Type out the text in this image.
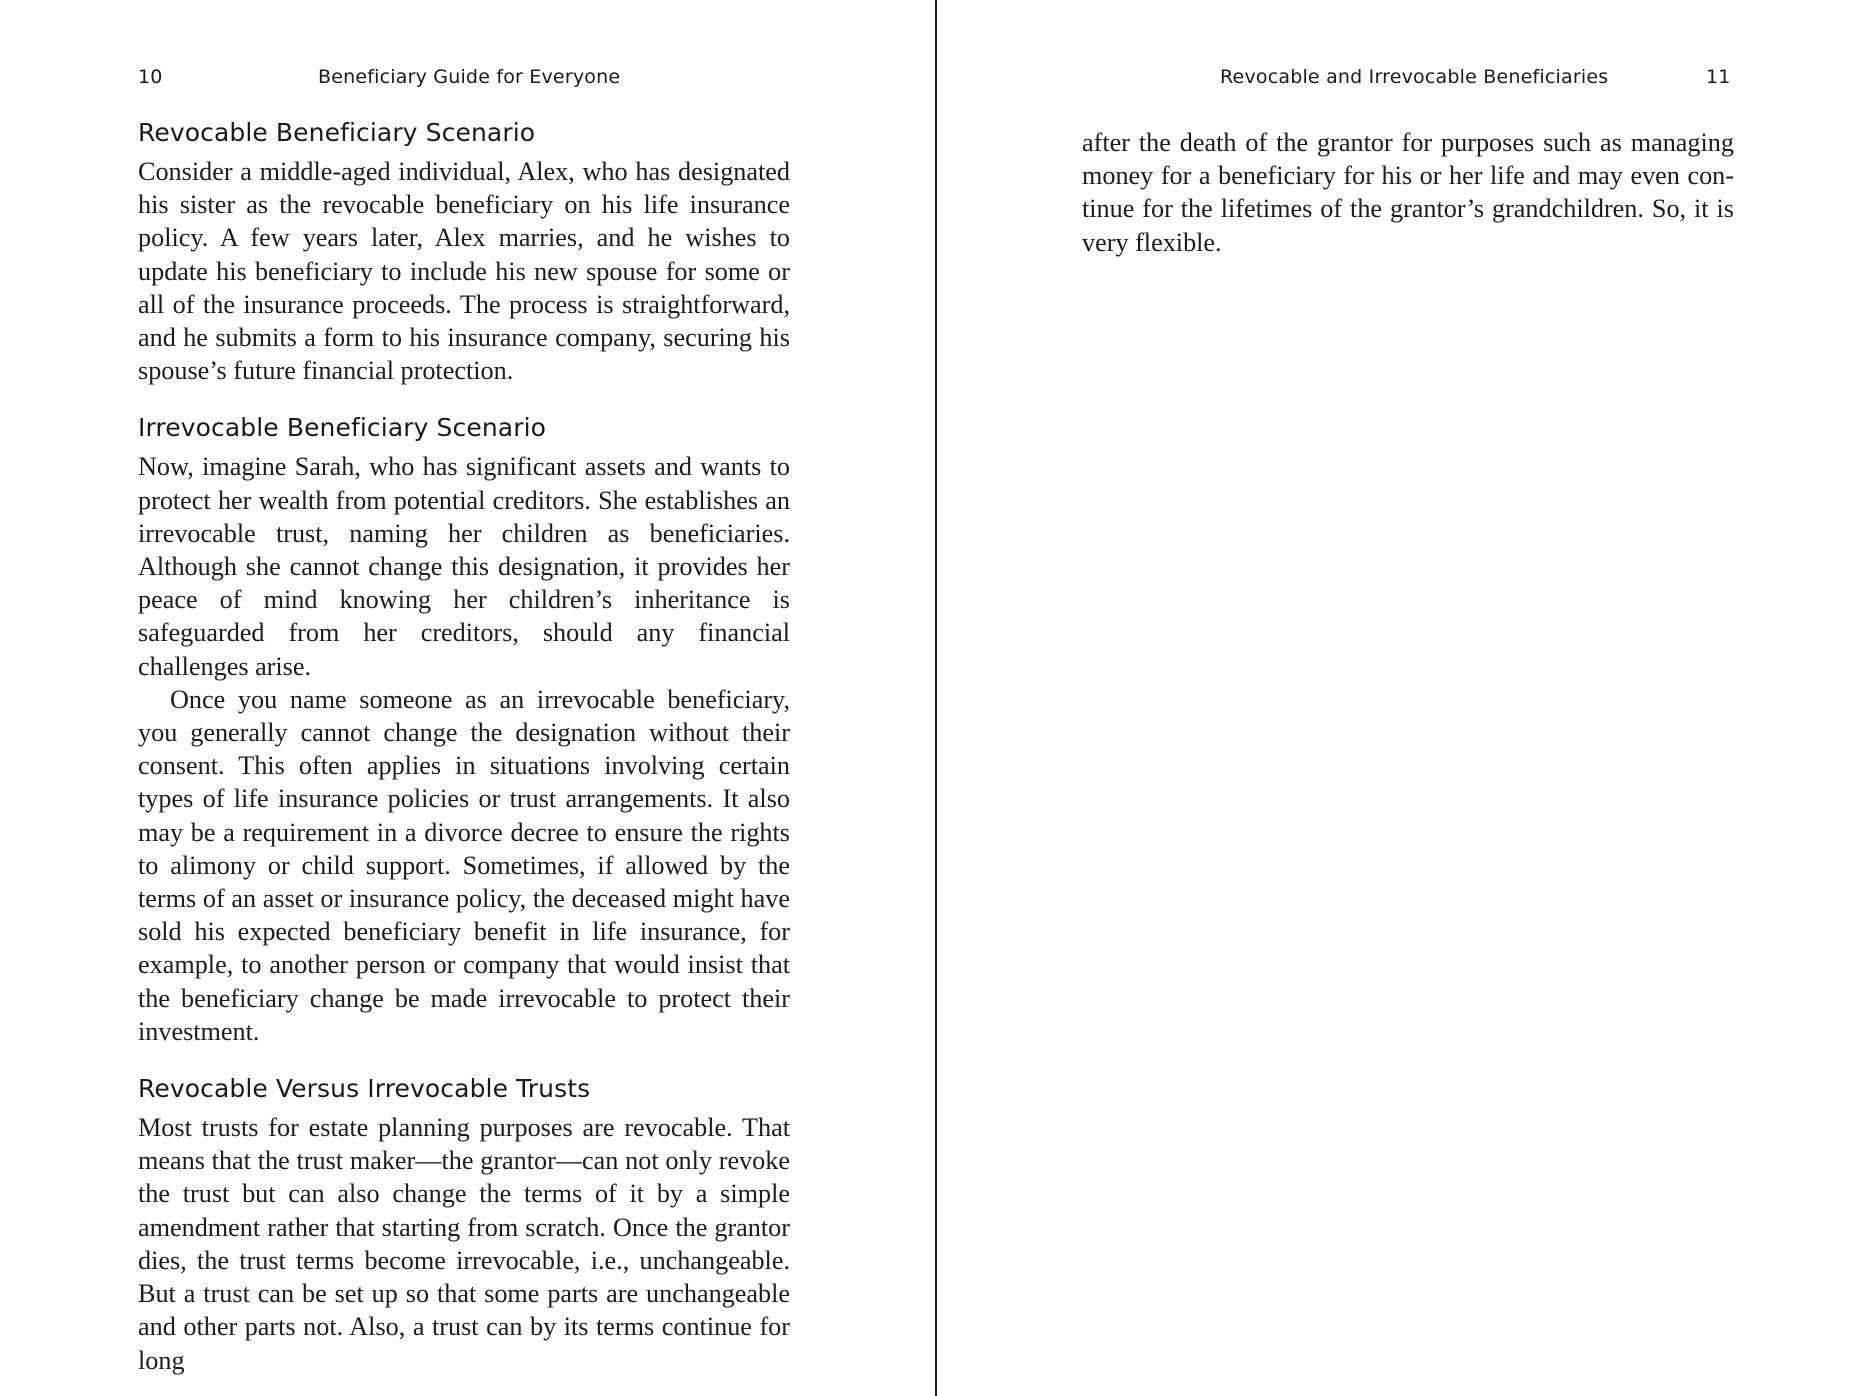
10	Beneficiary Guide for Everyone
Revocable Beneficiary Scenario

Consider a middle-aged individual, Alex, who has designated his sister as the revocable beneficiary on his life insurance policy. A few years later, Alex marries, and he wishes to update his beneficiary to include his new spouse for some or all of the insurance proceeds. The process is straightforward, and he submits a form to his insurance company, securing his spouse’s future financial protection.

Irrevocable Beneficiary Scenario

Now, imagine Sarah, who has significant assets and wants to protect her wealth from potential creditors. She establishes an irrevocable trust, naming her children as beneficiaries. Although she cannot change this designation, it provides her peace of mind knowing her children’s inheritance is safeguarded from her creditors, should any financial challenges arise.

Once you name someone as an irrevocable beneficiary, you generally cannot change the designation without their consent. This often applies in situations involving certain types of life insurance policies or trust arrangements. It also may be a requirement in a divorce decree to ensure the rights to alimony or child support. Sometimes, if allowed by the terms of an asset or insurance policy, the deceased might have sold his expected beneficiary benefit in life insurance, for example, to another person or company that would insist that the beneficiary change be made irrevocable to protect their investment.

Revocable Versus Irrevocable Trusts

Most trusts for estate planning purposes are revocable. That means that the trust maker—the grantor—can not only revoke the trust but can also change the terms of it by a simple amendment rather that starting from scratch. Once the grantor dies, the trust terms become irrevocable, i.e., unchangeable. But a trust can be set up so that some parts are unchangeable and other parts not. Also, a trust can by its terms continue for long

Revocable and Irrevocable Beneficiaries	11

after the death of the grantor for purposes such as managing money for a beneficiary for his or her life and may even continue for the lifetimes of the grantor’s grandchildren. So, it is very flexible.
